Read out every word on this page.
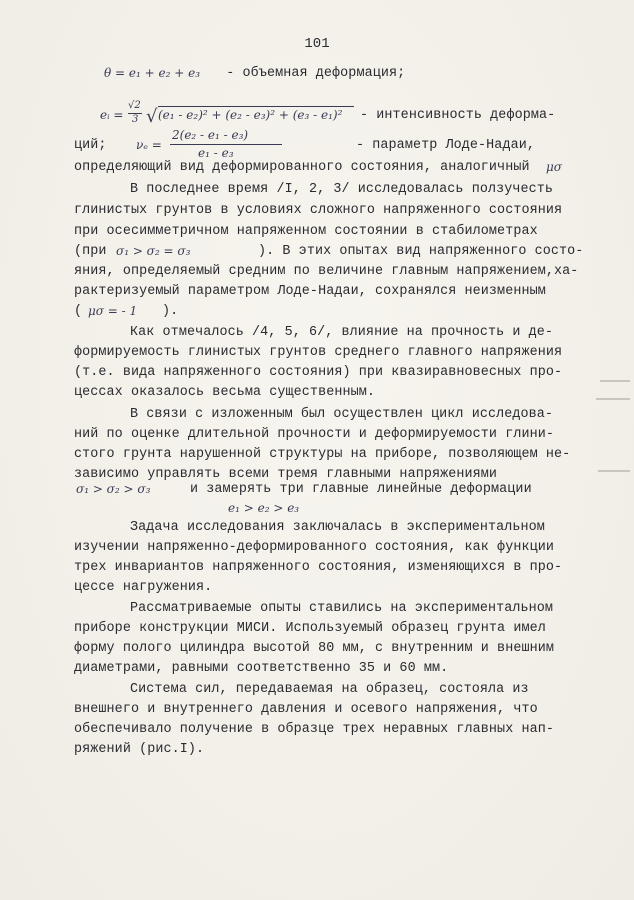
101
θ = e₁ + e₂ + e₃ - объемная деформация;
eᵢ =
√2
3 √ (e₁ - e₂)² + (e₂ - e₃)² + (e₃ - e₁)² - интенсивность деформа-
ций; νₑ =
2(e₂ - e₁ - e₃)
e₁ - e₃	- параметр Лоде-Надаи,
определяющий вид деформированного состояния, аналогичный μσ
В последнее время /I, 2, 3/ исследовалась ползучесть
глинистых грунтов в условиях сложного напряженного состояния
при осесимметричном напряженном состоянии в стабилометрах
(при σ₁ > σ₂ = σ₃	). В этих опытах вид напряженного состо-
яния, определяемый средним по величине главным напряжением,ха-
рактеризуемый параметром Лоде-Надаи, сохранялся неизменным
( μσ = - 1 ).
Как отмечалось /4, 5, 6/, влияние на прочность и де-
формируемость глинистых грунтов среднего главного напряжения
(т.е. вида напряженного состояния) при квазиравновесных про-
цессах оказалось весьма существенным.
В связи с изложенным был осуществлен цикл исследова-
ний по оценке длительной прочности и деформируемости глини-
стого грунта нарушенной структуры на приборе, позволяющем не-
зависимо управлять всеми тремя главными напряжениями
σ₁ > σ₂ > σ₃	и замерять три главные линейные деформации
e₁ > e₂ > e₃
Задача исследования заключалась в экспериментальном
изучении напряженно-деформированного состояния, как функции
трех инвариантов напряженного состояния, изменяющихся в про-
цессе нагружения.
Рассматриваемые опыты ставились на экспериментальном
приборе конструкции МИСИ. Используемый образец грунта имел
форму полого цилиндра высотой 80 мм, с внутренним и внешним
диаметрами, равными соответственно 35 и 60 мм.
Система сил, передаваемая на образец, состояла из
внешнего и внутреннего давления и осевого напряжения, что
обеспечивало получение в образце трех неравных главных нап-
ряжений (рис.I).
